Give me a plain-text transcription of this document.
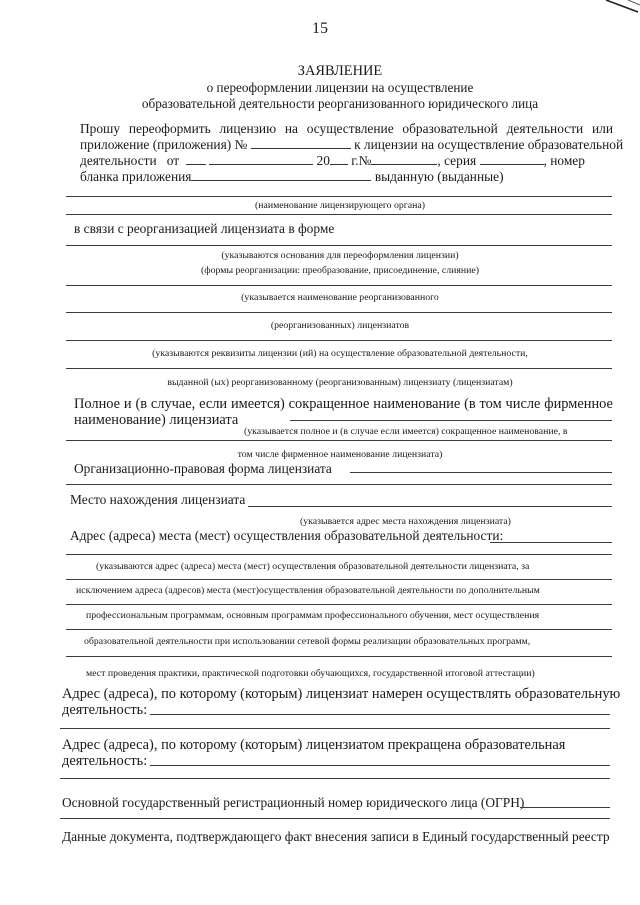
15
ЗАЯВЛЕНИЕ
о переоформлении лицензии на осуществление
образовательной деятельности реорганизованного юридического лица
Прошу переоформить лицензию на осуществление образовательной деятельности или
приложение (приложения) №	к лицензии на осуществление образовательной
деятельности от	20 г.№	, серия	, номер
бланка приложения	выданную (выданные)
(наименование лицензирующего органа)
в связи с реорганизацией лицензиата в форме
(указываются основания для переоформления лицензии)
(формы реорганизации: преобразование, присоединение, слияние)
(указывается наименование реорганизованного
(реорганизованных) лицензиатов
(указываются реквизиты лицензии (ий) на осуществление образовательной деятельности,
выданной (ых) реорганизованному (реорганизованным) лицензиату (лицензиатам)
Полное и (в случае, если имеется) сокращенное наименование (в том числе фирменное
наименование) лицензиата
(указывается полное и (в случае если имеется) сокращенное наименование, в
том числе фирменное наименование лицензиата)
Организационно-правовая форма лицензиата
Место нахождения лицензиата
(указывается адрес места нахождения лицензиата)
Адрес (адреса) места (мест) осуществления образовательной деятельности:
(указываются адрес (адреса) места (мест) осуществления образовательной деятельности лицензиата, за
исключением адреса (адресов) места (мест)осуществления образовательной деятельности по дополнительным
профессиональным программам, основным программам профессионального обучения, мест осуществления
образовательной деятельности при использовании сетевой формы реализации образовательных программ,
мест проведения практики, практической подготовки обучающихся, государственной итоговой аттестации)
Адрес (адреса), по которому (которым) лицензиат намерен осуществлять образовательную
деятельность:
Адрес (адреса), по которому (которым) лицензиатом прекращена образовательная
деятельность:
Основной государственный регистрационный номер юридического лица (ОГРН)
Данные документа, подтверждающего факт внесения записи в Единый государственный реестр
